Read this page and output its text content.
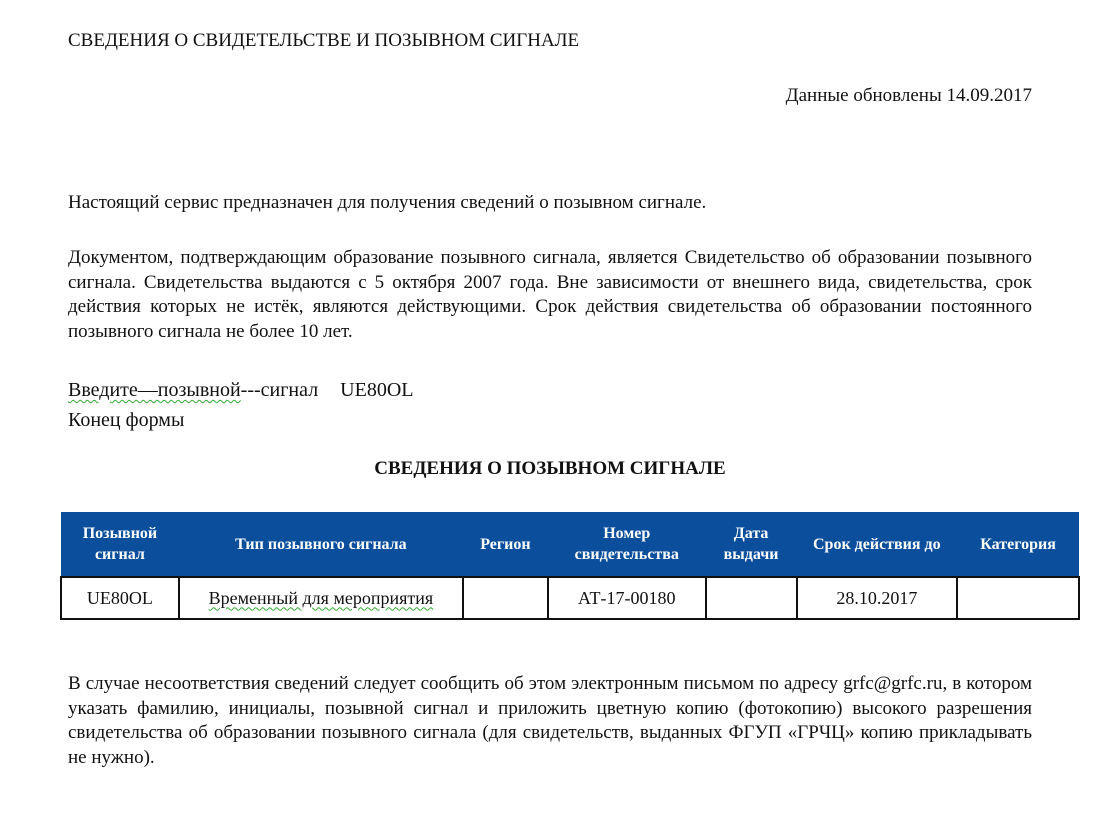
СВЕДЕНИЯ О СВИДЕТЕЛЬСТВЕ И ПОЗЫВНОМ СИГНАЛЕ
Данные обновлены 14.09.2017
Настоящий сервис предназначен для получения сведений о позывном сигнале.
Документом, подтверждающим образование позывного сигнала, является Свидетельство об образовании позывного сигнала. Свидетельства выдаются с 5 октября 2007 года. Вне зависимости от внешнего вида, свидетельства, срок действия которых не истёк, являются действующими. Срок действия свидетельства об образовании постоянного позывного сигнала не более 10 лет.
Введите—позывной---сигнал UE80OL
Конец формы
СВЕДЕНИЯ О ПОЗЫВНОМ СИГНАЛЕ
Позывной сигнал	Тип позывного сигнала	Регион	Номер свидетельства	Дата выдачи	Срок действия до	Категория
UE80OL	Временный для мероприятия		АТ-17-00180		28.10.2017	
В случае несоответствия сведений следует сообщить об этом электронным письмом по адресу grfc@grfc.ru, в котором указать фамилию, инициалы, позывной сигнал и приложить цветную копию (фотокопию) высокого разрешения свидетельства об образовании позывного сигнала (для свидетельств, выданных ФГУП «ГРЧЦ» копию прикладывать не нужно).
